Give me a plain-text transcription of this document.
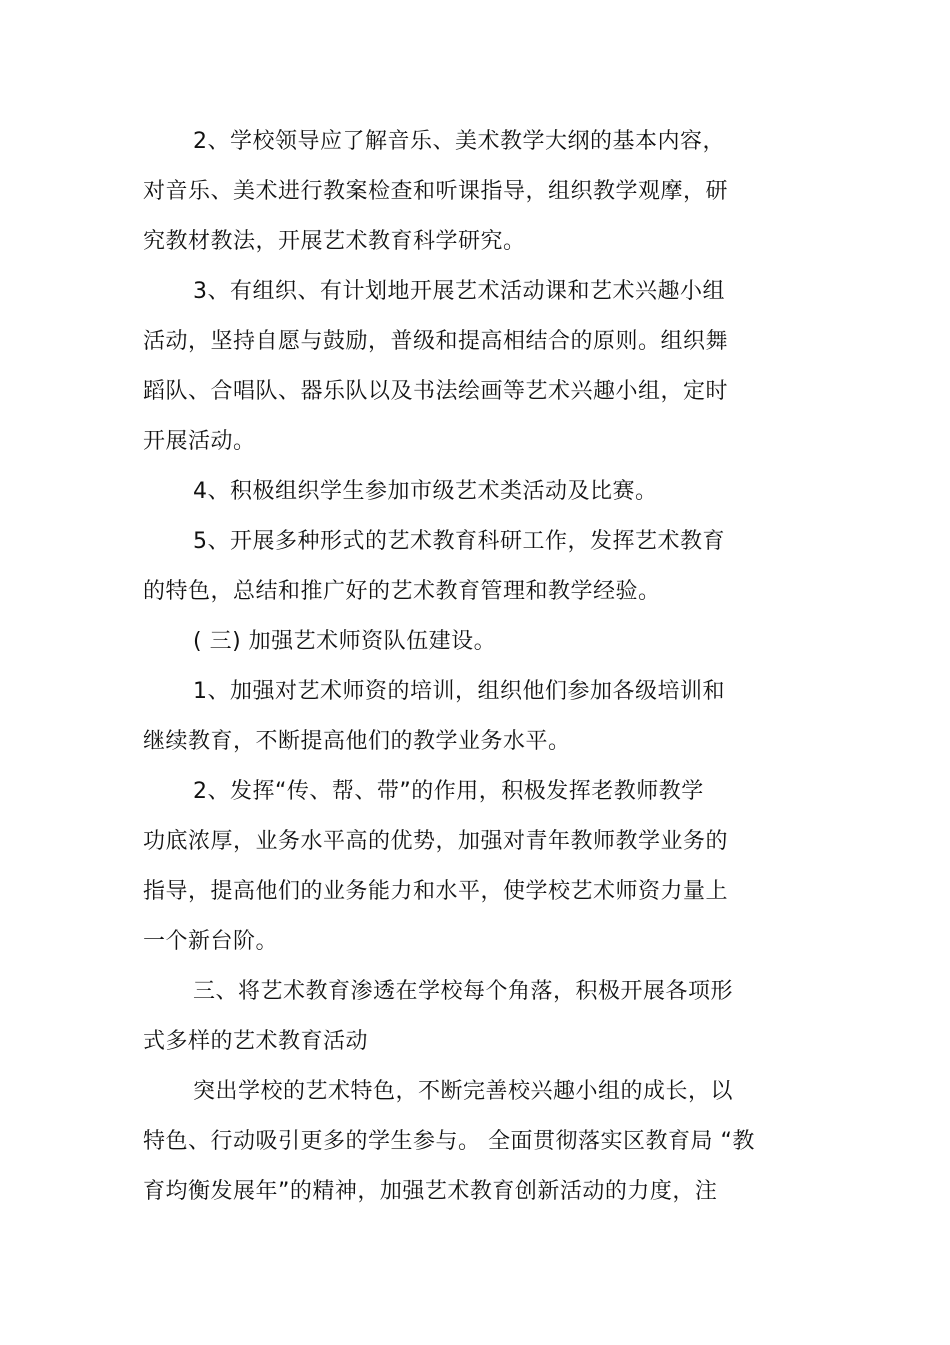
2、学校领导应了解音乐、美术教学大纲的基本内容，
对音乐、美术进行教案检查和听课指导，组织教学观摩，研
究教材教法，开展艺术教育科学研究。
3、有组织、有计划地开展艺术活动课和艺术兴趣小组
活动，坚持自愿与鼓励，普级和提高相结合的原则。组织舞
蹈队、合唱队、器乐队以及书法绘画等艺术兴趣小组，定时
开展活动。
4、积极组织学生参加市级艺术类活动及比赛。
5、开展多种形式的艺术教育科研工作，发挥艺术教育
的特色，总结和推广好的艺术教育管理和教学经验。
( 三) 加强艺术师资队伍建设。
1、加强对艺术师资的培训，组织他们参加各级培训和
继续教育，不断提高他们的教学业务水平。
2、发挥“传、帮、带”的作用，积极发挥老教师教学
功底浓厚，业务水平高的优势，加强对青年教师教学业务的
指导，提高他们的业务能力和水平，使学校艺术师资力量上
一个新台阶。
三、将艺术教育渗透在学校每个角落，积极开展各项形
式多样的艺术教育活动
突出学校的艺术特色，不断完善校兴趣小组的成长，以
特色、行动吸引更多的学生参与。 全面贯彻落实区教育局 “教
育均衡发展年”的精神，加强艺术教育创新活动的力度，注
